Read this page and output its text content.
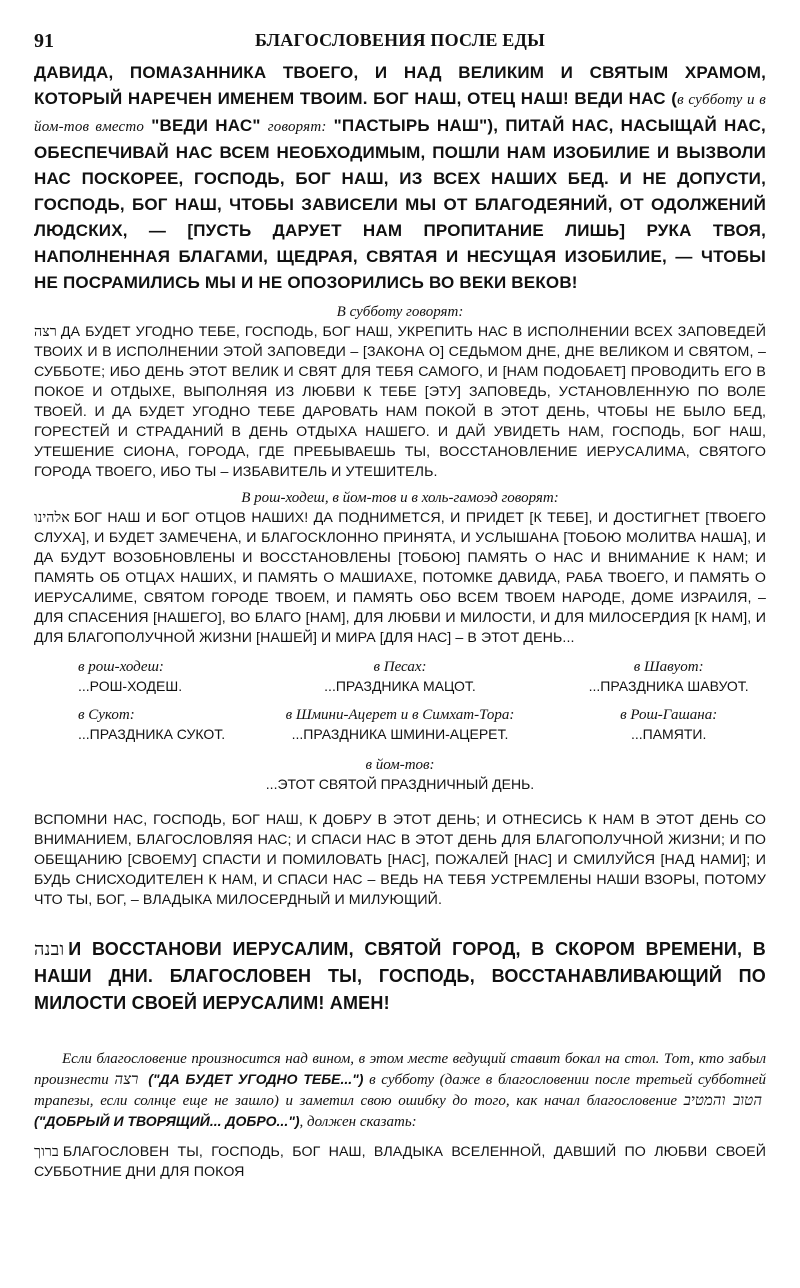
91	БЛАГОСЛОВЕНИЯ ПОСЛЕ ЕДЫ
ДАВИДА, ПОМАЗАННИКА ТВОЕГО, И НАД ВЕЛИКИМ И СВЯТЫМ ХРАМОМ, КОТОРЫЙ НАРЕЧЕН ИМЕНЕМ ТВОИМ. БОГ НАШ, ОТЕЦ НАШ! ВЕДИ НАС (в субботу и в йом-тов вместо "ВЕДИ НАС" говорят: "ПАСТЫРЬ НАШ"), ПИТАЙ НАС, НАСЫЩАЙ НАС, ОБЕСПЕЧИВАЙ НАС ВСЕМ НЕОБХОДИМЫМ, ПОШЛИ НАМ ИЗОБИЛИЕ И ВЫЗВОЛИ НАС ПОСКОРЕЕ, ГОСПОДЬ, БОГ НАШ, ИЗ ВСЕХ НАШИХ БЕД. И НЕ ДОПУСТИ, ГОСПОДЬ, БОГ НАШ, ЧТОБЫ ЗАВИСЕЛИ МЫ ОТ БЛАГОДЕЯНИЙ, ОТ ОДОЛЖЕНИЙ ЛЮДСКИХ, — [ПУСТЬ ДАРУЕТ НАМ ПРОПИТАНИЕ ЛИШЬ] РУКА ТВОЯ, НАПОЛНЕННАЯ БЛАГАМИ, ЩЕДРАЯ, СВЯТАЯ И НЕСУЩАЯ ИЗОБИЛИЕ, — ЧТОБЫ НЕ ПОСРАМИЛИСЬ МЫ И НЕ ОПОЗОРИЛИСЬ ВО ВЕКИ ВЕКОВ!
В субботу говорят:
רצה ДА БУДЕТ УГОДНО ТЕБЕ, ГОСПОДЬ, БОГ НАШ, УКРЕПИТЬ НАС В ИСПОЛНЕНИИ ВСЕХ ЗАПОВЕДЕЙ ТВОИХ И В ИСПОЛНЕНИИ ЭТОЙ ЗАПОВЕДИ – [ЗАКОНА О] СЕДЬМОМ ДНЕ, ДНЕ ВЕЛИКОМ И СВЯТОМ, – СУББОТЕ; ИБО ДЕНЬ ЭТОТ ВЕЛИК И СВЯТ ДЛЯ ТЕБЯ САМОГО, И [НАМ ПОДОБАЕТ] ПРОВОДИТЬ ЕГО В ПОКОЕ И ОТДЫХЕ, ВЫПОЛНЯЯ ИЗ ЛЮБВИ К ТЕБЕ [ЭТУ] ЗАПОВЕДЬ, УСТАНОВЛЕННУЮ ПО ВОЛЕ ТВОЕЙ. И ДА БУДЕТ УГОДНО ТЕБЕ ДАРОВАТЬ НАМ ПОКОЙ В ЭТОТ ДЕНЬ, ЧТОБЫ НЕ БЫЛО БЕД, ГОРЕСТЕЙ И СТРАДАНИЙ В ДЕНЬ ОТДЫХА НАШЕГО. И ДАЙ УВИДЕТЬ НАМ, ГОСПОДЬ, БОГ НАШ, УТЕШЕНИЕ СИОНА, ГОРОДА, ГДЕ ПРЕБЫВАЕШЬ ТЫ, ВОССТАНОВЛЕНИЕ ИЕРУСАЛИМА, СВЯТОГО ГОРОДА ТВОЕГО, ИБО ТЫ – ИЗБАВИТЕЛЬ И УТЕШИТЕЛЬ.
В рош-ходеш, в йом-тов и в холь-гамоэд говорят:
אלהינו БОГ НАШ И БОГ ОТЦОВ НАШИХ! ДА ПОДНИМЕТСЯ, И ПРИДЕТ [К ТЕБЕ], И ДОСТИГНЕТ [ТВОЕГО СЛУХА], И БУДЕТ ЗАМЕЧЕНА, И БЛАГОСКЛОННО ПРИНЯТА, И УСЛЫШАНА [ТОБОЮ МОЛИТВА НАША], И ДА БУДУТ ВОЗОБНОВЛЕНЫ И ВОССТАНОВЛЕНЫ [ТОБОЮ] ПАМЯТЬ О НАС И ВНИМАНИЕ К НАМ; И ПАМЯТЬ ОБ ОТЦАХ НАШИХ, И ПАМЯТЬ О МАШИАХЕ, ПОТОМКЕ ДАВИДА, РАБА ТВОЕГО, И ПАМЯТЬ О ИЕРУСАЛИМЕ, СВЯТОМ ГОРОДЕ ТВОЕМ, И ПАМЯТЬ ОБО ВСЕМ ТВОЕМ НАРОДЕ, ДОМЕ ИЗРАИЛЯ, – ДЛЯ СПАСЕНИЯ [НАШЕГО], ВО БЛАГО [НАМ], ДЛЯ ЛЮБВИ И МИЛОСТИ, И ДЛЯ МИЛОСЕРДИЯ [К НАМ], И ДЛЯ БЛАГОПОЛУЧНОЙ ЖИЗНИ [НАШЕЙ] И МИРА [ДЛЯ НАС] – В ЭТОТ ДЕНЬ...
в рош-ходеш:
...РОШ-ХОДЕШ.
в Песах:
...ПРАЗДНИКА МАЦОТ.
в Шавуот:
...ПРАЗДНИКА ШАВУОТ.
в Сукот:
...ПРАЗДНИКА СУКОТ.
в Шмини-Ацерет и в Симхат-Тора:
...ПРАЗДНИКА ШМИНИ-АЦЕРЕТ.
в Рош-Гашана:
...ПАМЯТИ.
в йом-тов:
...ЭТОТ СВЯТОЙ ПРАЗДНИЧНЫЙ ДЕНЬ.
ВСПОМНИ НАС, ГОСПОДЬ, БОГ НАШ, К ДОБРУ В ЭТОТ ДЕНЬ; И ОТНЕСИСЬ К НАМ В ЭТОТ ДЕНЬ СО ВНИМАНИЕМ, БЛАГОСЛОВЛЯЯ НАС; И СПАСИ НАС В ЭТОТ ДЕНЬ ДЛЯ БЛАГОПОЛУЧНОЙ ЖИЗНИ; И ПО ОБЕЩАНИЮ [СВОЕМУ] СПАСТИ И ПОМИЛОВАТЬ [НАС], ПОЖАЛЕЙ [НАС] И СМИЛУЙСЯ [НАД НАМИ]; И БУДЬ СНИСХОДИТЕЛЕН К НАМ, И СПАСИ НАС – ВЕДЬ НА ТЕБЯ УСТРЕМЛЕНЫ НАШИ ВЗОРЫ, ПОТОМУ ЧТО ТЫ, БОГ, – ВЛАДЫКА МИЛОСЕРДНЫЙ И МИЛУЮЩИЙ.
ובנה И ВОССТАНОВИ ИЕРУСАЛИМ, СВЯТОЙ ГОРОД, В СКОРОМ ВРЕМЕНИ, В НАШИ ДНИ. БЛАГОСЛОВЕН ТЫ, ГОСПОДЬ, ВОССТАНАВЛИВАЮЩИЙ ПО МИЛОСТИ СВОЕЙ ИЕРУСАЛИМ! АМЕН!
Если благословение произносится над вином, в этом месте ведущий ставит бокал на стол. Тот, кто забыл произнести רצה ("ДА БУДЕТ УГОДНО ТЕБЕ...") в субботу (даже в благословении после третьей субботней трапезы, если солнце еще не зашло) и заметил свою ошибку до того, как начал благословение הטוב והמטיב ("ДОБРЫЙ И ТВОРЯЩИЙ... ДОБРО..."), должен сказать:
ברוך БЛАГОСЛОВЕН ТЫ, ГОСПОДЬ, БОГ НАШ, ВЛАДЫКА ВСЕЛЕННОЙ, ДАВШИЙ ПО ЛЮБВИ СВОЕЙ СУББОТНИЕ ДНИ ДЛЯ ПОКОЯ
